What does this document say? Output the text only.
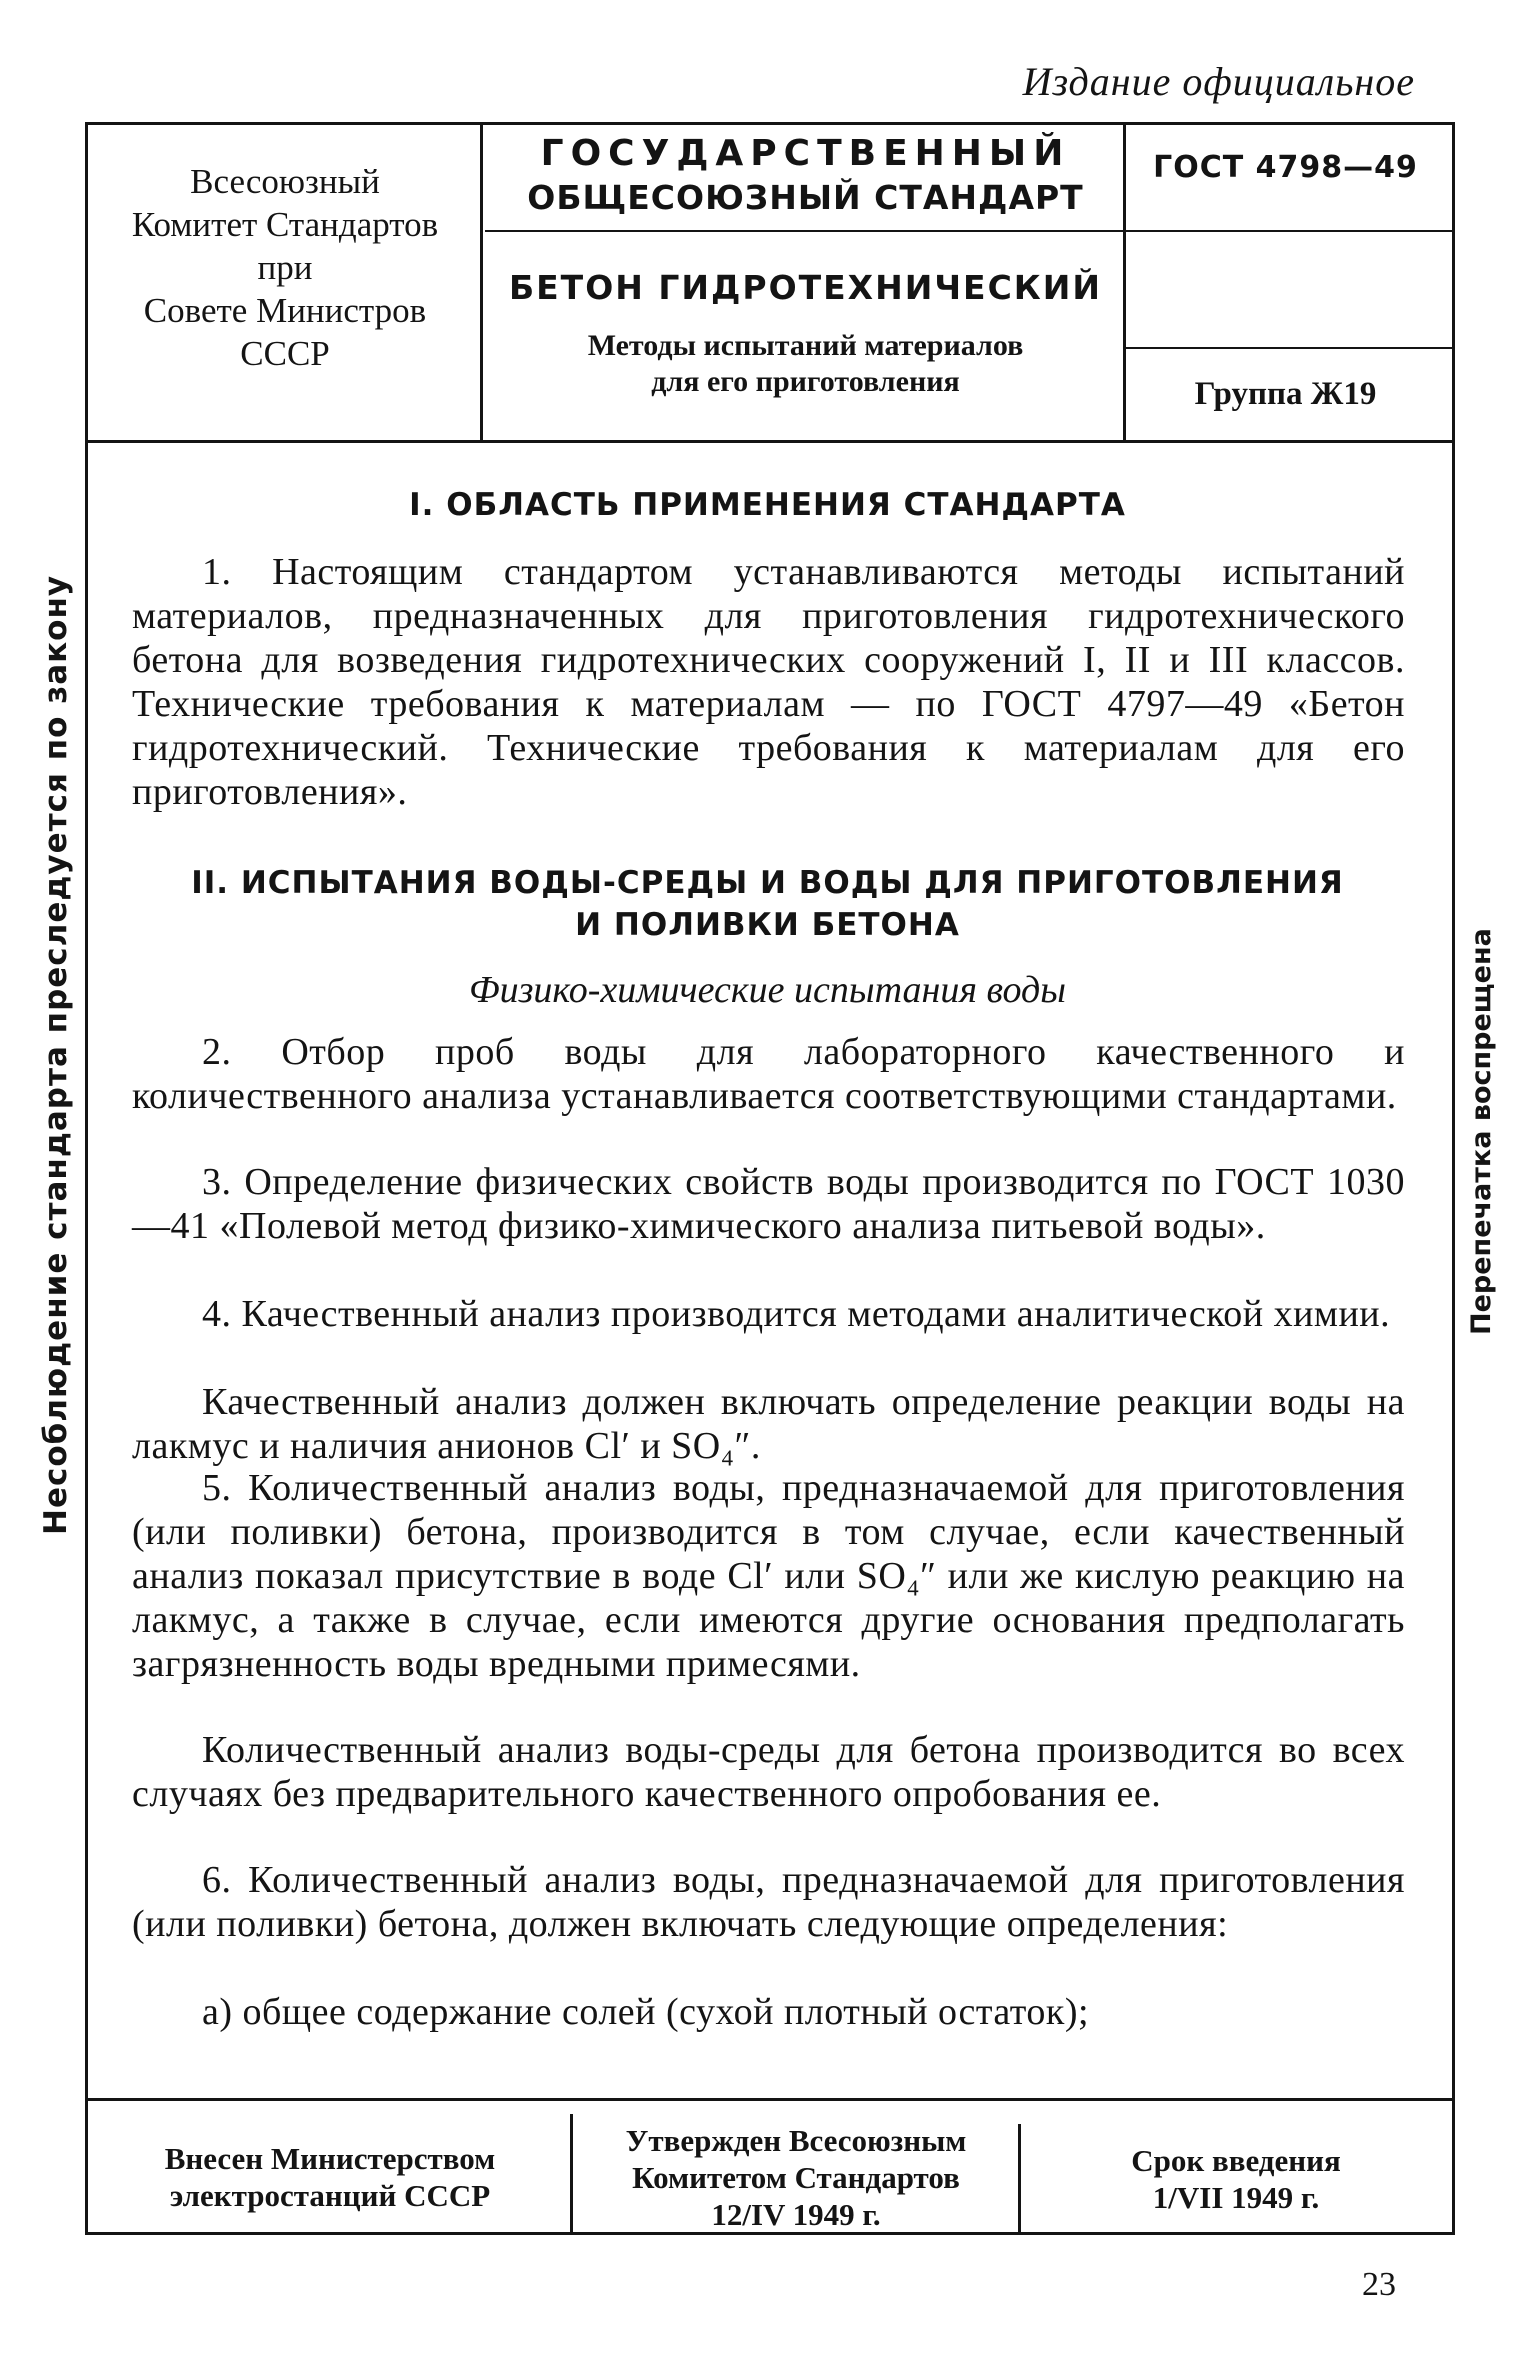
Издание официальное
Всесоюзный
Комитет Стандартов
при
Совете Министров
СССР
ГОСУДАРСТВЕННЫЙ
ОБЩЕСОЮЗНЫЙ СТАНДАРТ
БЕТОН ГИДРОТЕХНИЧЕСКИЙ
Методы испытаний материалов
для его приготовления
ГОСТ 4798—49
Группа Ж19
I. ОБЛАСТЬ ПРИМЕНЕНИЯ СТАНДАРТА
1. Настоящим стандартом устанавливаются методы испытаний материалов, предназначенных для приготовления гидротехнического бетона для возведения гидротехнических сооружений I, II и III классов. Технические требования к материалам — по ГОСТ 4797—49 «Бетон гидротехнический. Технические требования к материалам для его приготовления».
II. ИСПЫТАНИЯ ВОДЫ-СРЕДЫ И ВОДЫ ДЛЯ ПРИГОТОВЛЕНИЯ
И ПОЛИВКИ БЕТОНА
Физико-химические испытания воды
2. Отбор проб воды для лабораторного качественного и количественного анализа устанавливается соответствующими стандартами.
3. Определение физических свойств воды производится по ГОСТ 1030—41 «Полевой метод физико-химического анализа питьевой воды».
4. Качественный анализ производится методами аналитической химии.
Качественный анализ должен включать определение реакции воды на лакмус и наличия анионов Cl′ и SO₄″.
5. Количественный анализ воды, предназначаемой для приготовления (или поливки) бетона, производится в том случае, если качественный анализ показал присутствие в воде Cl′ или SO₄″ или же кислую реакцию на лакмус, а также в случае, если имеются другие основания предполагать загрязненность воды вредными примесями.
Количественный анализ воды-среды для бетона производится во всех случаях без предварительного качественного опробования ее.
6. Количественный анализ воды, предназначаемой для приготовления (или поливки) бетона, должен включать следующие определения:
а) общее содержание солей (сухой плотный остаток);
Несоблюдение стандарта преследуется по закону	Перепечатка воспрещена
Внесен Министерством
электростанций СССР
Утвержден Всесоюзным
Комитетом Стандартов
12/IV 1949 г.
Срок введения
1/VII 1949 г.
23
